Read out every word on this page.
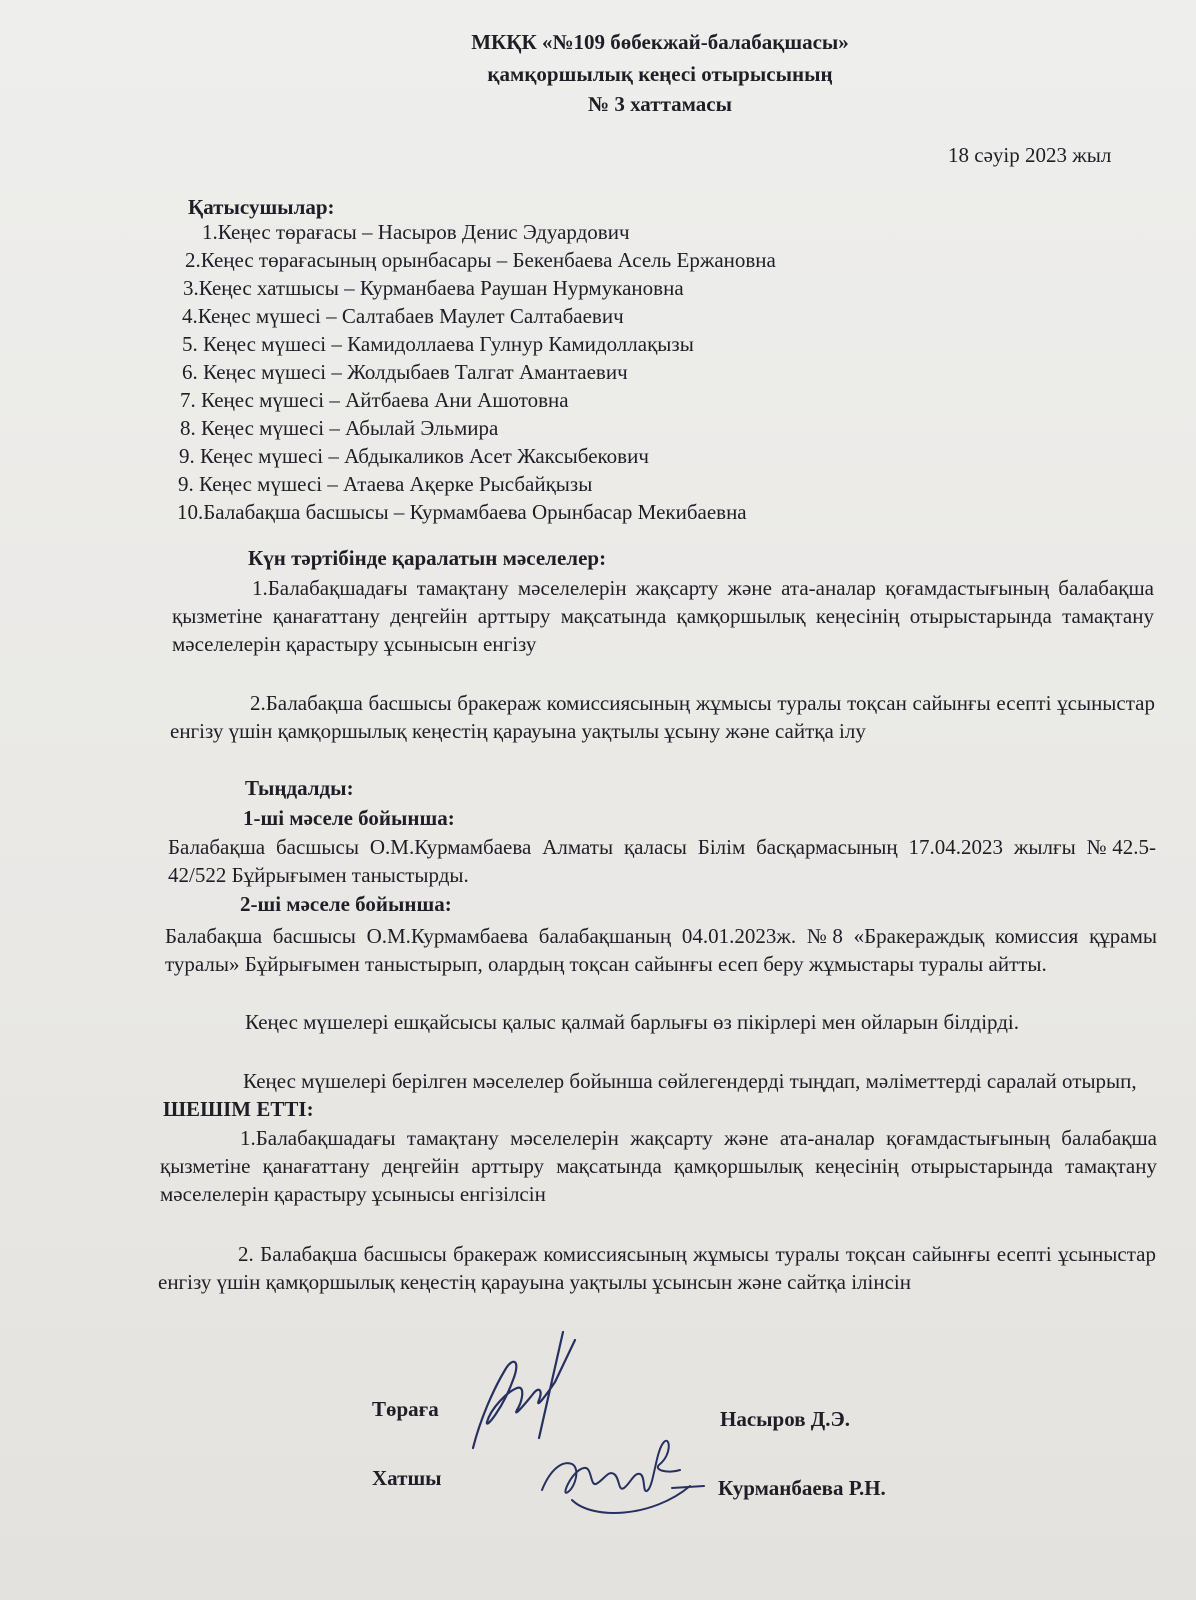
МКҚК «№109 бөбекжай-балабақшасы»
қамқоршылық кеңесі отырысының
№ 3 хаттамасы
18 сәуір 2023 жыл
Қатысушылар:
1.Кеңес төрағасы – Насыров Денис Эдуардович
2.Кеңес төрағасының орынбасары – Бекенбаева Асель Ержановна
3.Кеңес хатшысы – Курманбаева Раушан Нурмукановна
4.Кеңес мүшесі – Салтабаев Маулет Салтабаевич
5. Кеңес мүшесі – Камидоллаева Гулнур Камидоллақызы
6. Кеңес мүшесі – Жолдыбаев Талгат Амантаевич
7. Кеңес мүшесі – Айтбаева Ани Ашотовна
8. Кеңес мүшесі – Абылай Эльмира
9. Кеңес мүшесі – Абдыкаликов Асет Жаксыбекович
9. Кеңес мүшесі – Атаева Ақерке Рысбайқызы
10.Балабақша басшысы – Курмамбаева Орынбасар Мекибаевна
Күн тәртібінде қаралатын мәселелер:
1.Балабақшадағы тамақтану мәселелерін жақсарту және ата-аналар қоғамдастығының балабақша қызметіне қанағаттану деңгейін арттыру мақсатында қамқоршылық кеңесінің отырыстарында тамақтану мәселелерін қарастыру ұсынысын енгізу
2.Балабақша басшысы бракераж комиссиясының жұмысы туралы тоқсан сайынғы есепті ұсыныстар енгізу үшін қамқоршылық кеңестің қарауына уақтылы ұсыну және сайтқа ілу
Тыңдалды:
1-ші мәселе бойынша:
Балабақша басшысы О.М.Курмамбаева Алматы қаласы Білім басқармасының 17.04.2023 жылғы №42.5-42/522 Бұйрығымен таныстырды.
2-ші мәселе бойынша:
Балабақша басшысы О.М.Курмамбаева балабақшаның 04.01.2023ж. №8 «Бракераждық комиссия құрамы туралы» Бұйрығымен таныстырып, олардың тоқсан сайынғы есеп беру жұмыстары туралы айтты.
Кеңес мүшелері ешқайсысы қалыс қалмай барлығы өз пікірлері мен ойларын білдірді.
Кеңес мүшелері берілген мәселелер бойынша сөйлегендерді тыңдап, мәліметтерді саралай отырып,
ШЕШІМ ЕТТІ:
1.Балабақшадағы тамақтану мәселелерін жақсарту және ата-аналар қоғамдастығының балабақша қызметіне қанағаттану деңгейін арттыру мақсатында қамқоршылық кеңесінің отырыстарында тамақтану мәселелерін қарастыру ұсынысы енгізілсін
2. Балабақша басшысы бракераж комиссиясының жұмысы туралы тоқсан сайынғы есепті ұсыныстар енгізу үшін қамқоршылық кеңестің қарауына уақтылы ұсынсын және сайтқа ілінсін
Төраға	Насыров Д.Э.
Хатшы	Курманбаева Р.Н.
